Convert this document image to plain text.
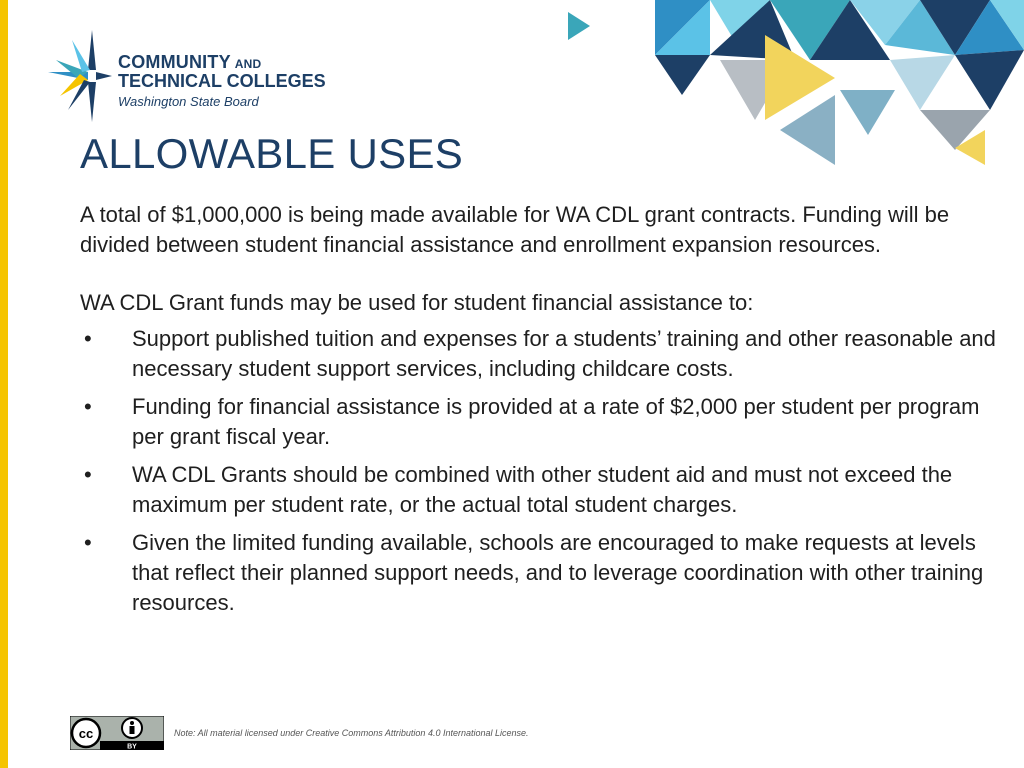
COMMUNITY AND
TECHNICAL COLLEGES
Washington State Board
ALLOWABLE USES

A total of $1,000,000 is being made available for WA CDL grant contracts. Funding will be divided between student financial assistance and enrollment expansion resources.

WA CDL Grant funds may be used for student financial assistance to:

• Support published tuition and expenses for a students’ training and other reasonable and necessary student support services, including childcare costs.
• Funding for financial assistance is provided at a rate of $2,000 per student per program per grant fiscal year.
• WA CDL Grants should be combined with other student aid and must not exceed the maximum per student rate, or the actual total student charges.
• Given the limited funding available, schools are encouraged to make requests at levels that reflect their planned support needs, and to leverage coordination with other training resources.
cc
BY
Note: All material licensed under Creative Commons Attribution 4.0 International License.
